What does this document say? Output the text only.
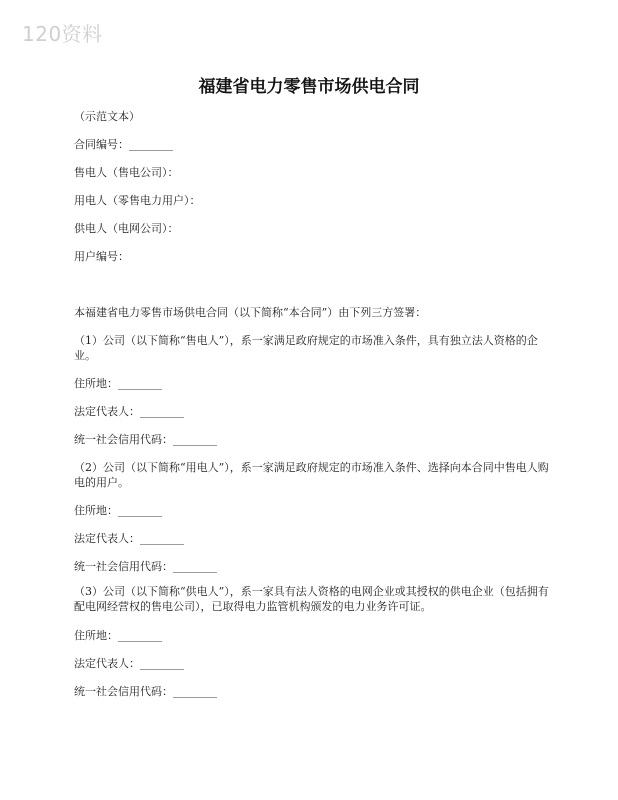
120资料
福建省电力零售市场供电合同
（示范文本）
合同编号：________
售电人（售电公司）：
用电人（零售电力用户）：
供电人（电网公司）：
用户编号：
本福建省电力零售市场供电合同（以下简称“本合同”）由下列三方签署：
（1）公司（以下简称“售电人”），系一家满足政府规定的市场准入条件，具有独立法人资格的企业。
住所地：________
法定代表人：________
统一社会信用代码：________
（2）公司（以下简称“用电人”），系一家满足政府规定的市场准入条件、选择向本合同中售电人购电的用户。
住所地：________
法定代表人：________
统一社会信用代码：________
（3）公司（以下简称“供电人”），系一家具有法人资格的电网企业或其授权的供电企业（包括拥有配电网经营权的售电公司），已取得电力监管机构颁发的电力业务许可证。
住所地：________
法定代表人：________
统一社会信用代码：________
